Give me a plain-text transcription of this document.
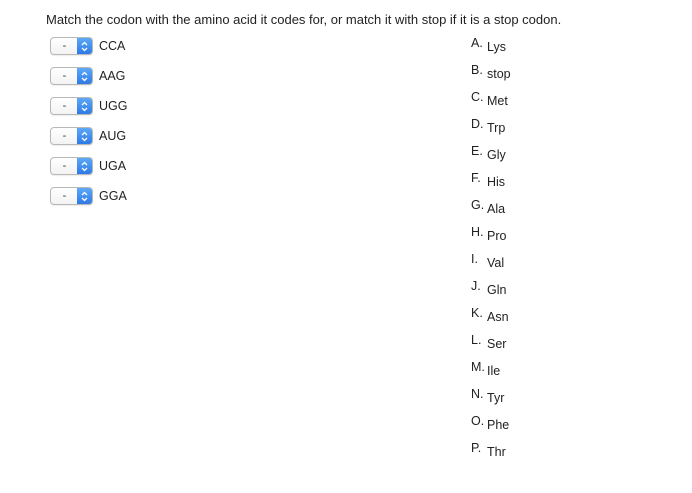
Match the codon with the amino acid it codes for, or match it with stop if it is a stop codon.
-	CCA
-	AAG
-	UGG
-	AUG
-	UGA
-	GGA
A. Lys
B. stop
C. Met
D. Trp
E. Gly
F. His
G. Ala
H. Pro
I. Val
J. Gln
K. Asn
L. Ser
M. Ile
N. Tyr
O. Phe
P. Thr
